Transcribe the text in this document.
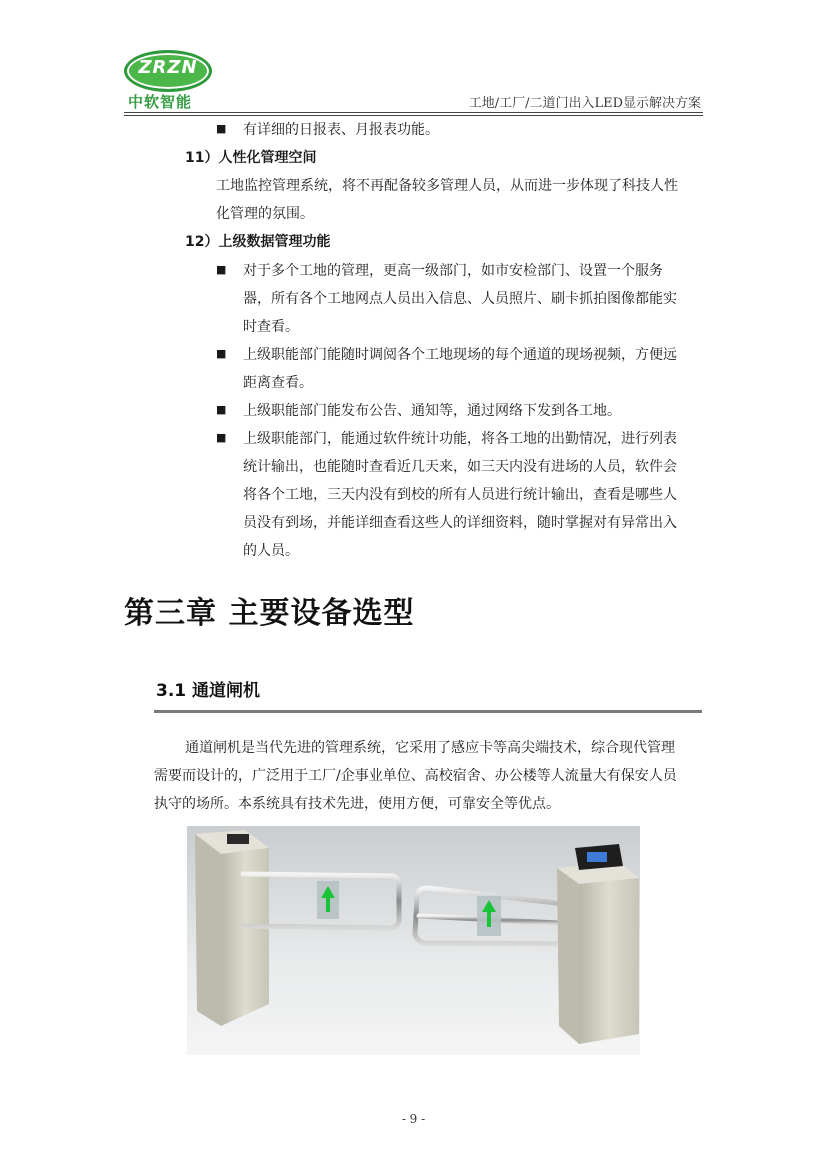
ZRZN
中软智能	工地/工厂/二道门出入LED显示解决方案
■ 有详细的日报表、月报表功能。
11）人性化管理空间
工地监控管理系统，将不再配备较多管理人员，从而进一步体现了科技人性
化管理的氛围。
12）上级数据管理功能
■ 对于多个工地的管理，更高一级部门，如市安检部门、设置一个服务
器，所有各个工地网点人员出入信息、人员照片、刷卡抓拍图像都能实
时查看。
■ 上级职能部门能随时调阅各个工地现场的每个通道的现场视频，方便远
距离查看。
■ 上级职能部门能发布公告、通知等，通过网络下发到各工地。
■ 上级职能部门，能通过软件统计功能，将各工地的出勤情况，进行列表
统计输出，也能随时查看近几天来，如三天内没有进场的人员，软件会
将各个工地，三天内没有到校的所有人员进行统计输出，查看是哪些人
员没有到场，并能详细查看这些人的详细资料，随时掌握对有异常出入
的人员。
第三章 主要设备选型
3.1 通道闸机
通道闸机是当代先进的管理系统，它采用了感应卡等高尖端技术，综合现代管理
需要而设计的，广泛用于工厂/企事业单位、高校宿舍、办公楼等人流量大有保安人员
执守的场所。本系统具有技术先进，使用方便，可靠安全等优点。
- 9 -
